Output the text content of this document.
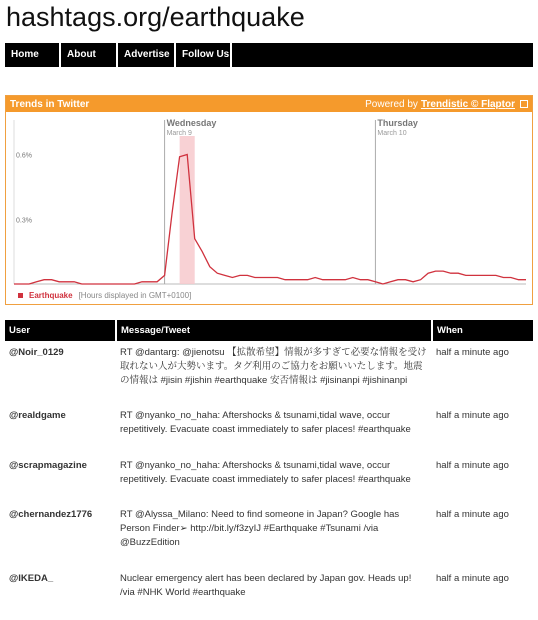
hashtags.org/earthquake
Home	About	Advertise	Follow Us
Trends in Twitter	Powered by Trendistic © Flaptor
Wednesday
March 9
Thursday
March 10
0.6%
0.3%
Earthquake [Hours displayed in GMT+0100]
User	Message/Tweet	When
@Noir_0129	RT @dantarg: @jienotsu 【拡散希望】情報が多すぎて必要な情報を受け取れない人が大勢います。タグ利用のご協力をお願いいたします。地震の情報は #jisin #jishin #earthquake 安否情報は #jisinanpi #jishinanpi	half a minute ago
@realdgame	RT @nyanko_no_haha: Aftershocks & tsunami,tidal wave, occur repetitively. Evacuate coast immediately to safer places! #earthquake	half a minute ago
@scrapmagazine	RT @nyanko_no_haha: Aftershocks & tsunami,tidal wave, occur repetitively. Evacuate coast immediately to safer places! #earthquake	half a minute ago
@chernandez1776	RT @Alyssa_Milano: Need to find someone in Japan? Google has Person Finder➢ http://bit.ly/f3zyIJ #Earthquake #Tsunami /via @BuzzEdition	half a minute ago
@IKEDA_	Nuclear emergency alert has been declared by Japan gov. Heads up! /via #NHK World #earthquake	half a minute ago
